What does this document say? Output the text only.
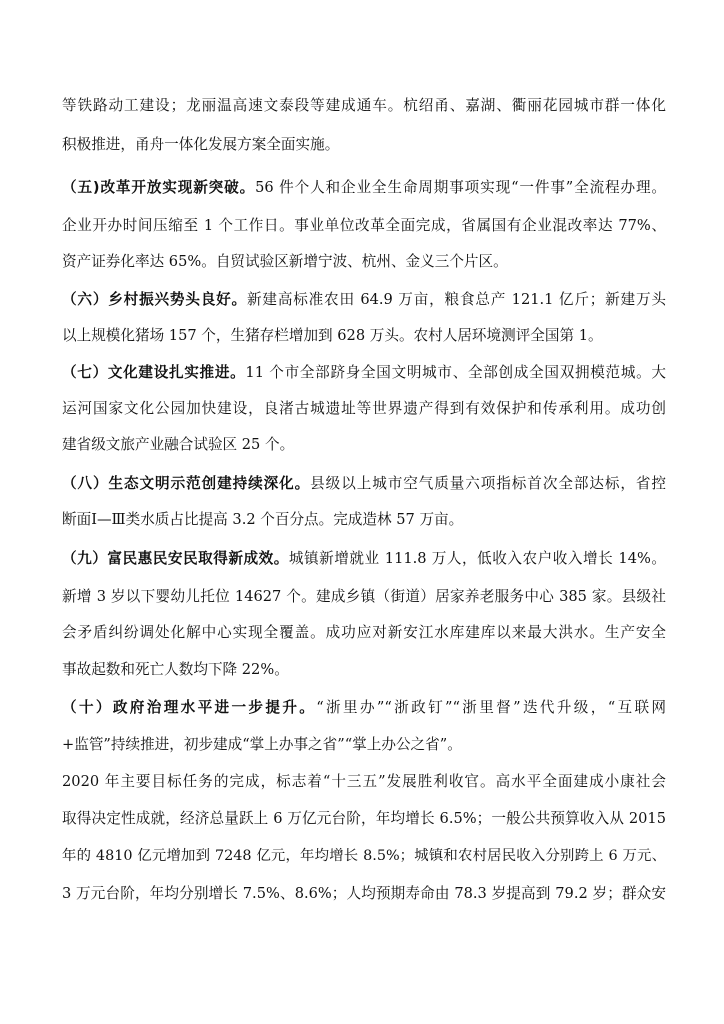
等铁路动工建设；龙丽温高速文泰段等建成通车。杭绍甬、嘉湖、衢丽花园城市群一体化
积极推进，甬舟一体化发展方案全面实施。
（五)改革开放实现新突破。56 件个人和企业全生命周期事项实现“一件事”全流程办理。
企业开办时间压缩至 1 个工作日。事业单位改革全面完成，省属国有企业混改率达 77%、
资产证券化率达 65%。自贸试验区新增宁波、杭州、金义三个片区。
（六）乡村振兴势头良好。新建高标准农田 64.9 万亩，粮食总产 121.1 亿斤；新建万头
以上规模化猪场 157 个，生猪存栏增加到 628 万头。农村人居环境测评全国第 1。
（七）文化建设扎实推进。11 个市全部跻身全国文明城市、全部创成全国双拥模范城。大
运河国家文化公园加快建设，良渚古城遗址等世界遗产得到有效保护和传承利用。成功创
建省级文旅产业融合试验区 25 个。
（八）生态文明示范创建持续深化。县级以上城市空气质量六项指标首次全部达标，省控
断面Ⅰ—Ⅲ类水质占比提高 3.2 个百分点。完成造林 57 万亩。
（九）富民惠民安民取得新成效。城镇新增就业 111.8 万人，低收入农户收入增长 14%。
新增 3 岁以下婴幼儿托位 14627 个。建成乡镇（街道）居家养老服务中心 385 家。县级社
会矛盾纠纷调处化解中心实现全覆盖。成功应对新安江水库建库以来最大洪水。生产安全
事故起数和死亡人数均下降 22%。
（十）政府治理水平进一步提升。“浙里办”“浙政钉”“浙里督”迭代升级，“互联网
+监管”持续推进，初步建成“掌上办事之省”“掌上办公之省”。
2020 年主要目标任务的完成，标志着“十三五”发展胜利收官。高水平全面建成小康社会
取得决定性成就，经济总量跃上 6 万亿元台阶，年均增长 6.5%；一般公共预算收入从 2015
年的 4810 亿元增加到 7248 亿元，年均增长 8.5%；城镇和农村居民收入分别跨上 6 万元、
3 万元台阶，年均分别增长 7.5%、8.6%；人均预期寿命由 78.3 岁提高到 79.2 岁；群众安
